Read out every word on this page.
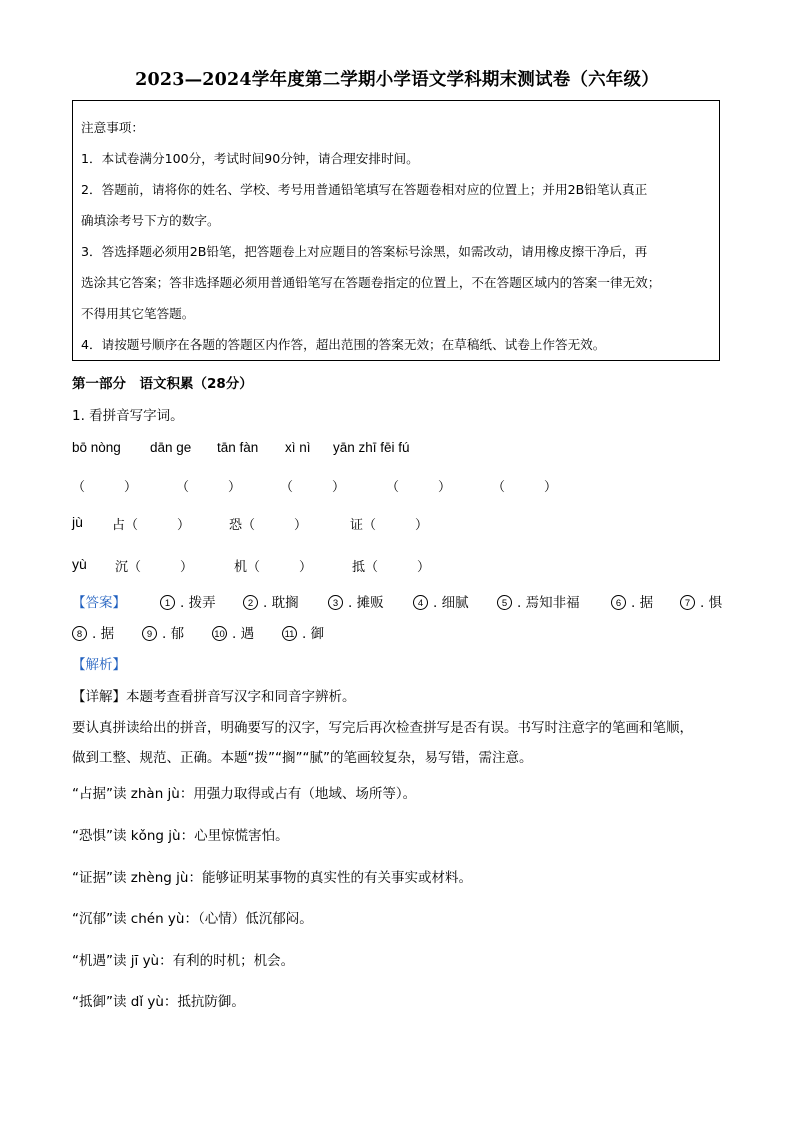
2023—2024学年度第二学期小学语文学科期末测试卷（六年级）
注意事项：
1．本试卷满分100分，考试时间90分钟，请合理安排时间。
2．答题前，请将你的姓名、学校、考号用普通铅笔填写在答题卷相对应的位置上；并用2B铅笔认真正
确填涂考号下方的数字。
3．答选择题必须用2B铅笔，把答题卷上对应题目的答案标号涂黑，如需改动，请用橡皮擦干净后，再
选涂其它答案；答非选择题必须用普通铅笔写在答题卷指定的位置上，不在答题区域内的答案一律无效；
不得用其它笔答题。
4．请按题号顺序在各题的答题区内作答，超出范围的答案无效；在草稿纸、试卷上作答无效。
第一部分　语文积累（28分）
1. 看拼音写字词。
bō nòng dān ge tān fàn xì nì yān zhī fēi fú
（　　　）	（　　　）	（　　　）	（　　　）	（　　　）
jù 占（　　　）	恐（　　　）	证（　　　）
yù 沉（　　　）	机（　　　）	抵（　　　）
【答案】	1 . 拨弄	2 . 耽搁	3 . 摊贩	4 . 细腻	5 . 焉知非福	6 . 据	7 . 惧
8 . 据	9 . 郁	10 . 遇	11 . 御
【解析】
【详解】本题考查看拼音写汉字和同音字辨析。
要认真拼读给出的拼音，明确要写的汉字，写完后再次检查拼写是否有误。书写时注意字的笔画和笔顺，
做到工整、规范、正确。本题“拨”“搁”“腻”的笔画较复杂，易写错，需注意。
“占据”读 zhàn jù：用强力取得或占有（地域、场所等）。
“恐惧”读 kǒng jù：心里惊慌害怕。
“证据”读 zhèng jù：能够证明某事物的真实性的有关事实或材料。
“沉郁”读 chén yù：（心情）低沉郁闷。
“机遇”读 jī yù：有利的时机；机会。
“抵御”读 dǐ yù：抵抗防御。
